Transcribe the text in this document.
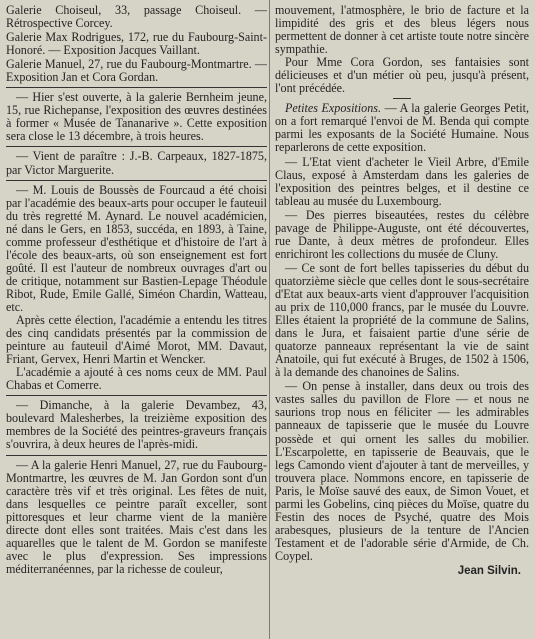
Galerie Choiseul, 33, passage Choiseul. — Rétrospective Corcey.

Galerie Max Rodrigues, 172, rue du Faubourg-Saint-Honoré. — Exposition Jacques Vaillant.

Galerie Manuel, 27, rue du Faubourg-Montmartre. — Exposition Jan et Cora Gordan.

— Hier s'est ouverte, à la galerie Bernheim jeune, 15, rue Richepanse, l'exposition des œuvres destinées à former « Musée de Tananarive ». Cette exposition sera close le 13 décembre, à trois heures.

— Vient de paraître : J.-B. Carpeaux, 1827-1875, par Victor Marguerite.

— M. Louis de Boussès de Fourcaud a été choisi par l'académie des beaux-arts pour occuper le fauteuil du très regretté M. Aynard. Le nouvel académicien, né dans le Gers, en 1853, succéda, en 1893, à Taine, comme professeur d'esthétique et d'histoire de l'art à l'école des beaux-arts, où son enseignement est fort goûté. Il est l'auteur de nombreux ouvrages d'art ou de critique, notamment sur Bastien-Lepage Théodule Ribot, Rude, Emile Gallé, Siméon Chardin, Watteau, etc.

Après cette élection, l'académie a entendu les titres des cinq candidats présentés par la commission de peinture au fauteuil d'Aimé Morot, MM. Davaut, Friant, Gervex, Henri Martin et Wencker.

L'académie a ajouté à ces noms ceux de MM. Paul Chabas et Comerre.

— Dimanche, à la galerie Devambez, 43, boulevard Malesherbes, la treizième exposition des membres de la Société des peintres-graveurs français s'ouvrira, à deux heures de l'après-midi.

— A la galerie Henri Manuel, 27, rue du Faubourg-Montmartre, les œuvres de M. Jan Gordon sont d'un caractère très vif et très original. Les fêtes de nuit, dans lesquelles ce peintre paraît exceller, sont pittoresques et leur charme vient de la manière directe dont elles sont traitées. Mais c'est dans les aquarelles que le talent de M. Gordon se manifeste avec le plus d'expression. Ses impressions méditerranéennes, par la richesse de couleur,

mouvement, l'atmosphère, le brio de facture et la limpidité des gris et des bleus légers nous permettent de donner à cet artiste toute notre sincère sympathie.

Pour Mme Cora Gordon, ses fantaisies sont délicieuses et d'un métier où peu, jusqu'à présent, l'ont précédée.

Petites Expositions. — A la galerie Georges Petit, on a fort remarqué l'envoi de M. Benda qui compte parmi les exposants de la Société Humaine. Nous reparlerons de cette exposition.

— L'Etat vient d'acheter le Vieil Arbre, d'Emile Claus, exposé à Amsterdam dans les galeries de l'exposition des peintres belges, et il destine ce tableau au musée du Luxembourg.

— Des pierres biseautées, restes du célèbre pavage de Philippe-Auguste, ont été découvertes, rue Dante, à deux mètres de profondeur. Elles enrichiront les collections du musée de Cluny.

— Ce sont de fort belles tapisseries du début du quatorzième siècle que celles dont le sous-secrétaire d'Etat aux beaux-arts vient d'approuver l'acquisition au prix de 110,000 francs, par le musée du Louvre. Elles étaient la propriété de la commune de Salins, dans le Jura, et faisaient partie d'une série de quatorze panneaux représentant la vie de saint Anatoile, qui fut exécuté à Bruges, de 1502 à 1506, à la demande des chanoines de Salins.

— On pense à installer, dans deux ou trois des vastes salles du pavillon de Flore — et nous ne saurions trop nous en féliciter — les admirables panneaux de tapisserie que le musée du Louvre possède et qui ornent les salles du mobilier. L'Escarpolette, en tapisserie de Beauvais, que le legs Camondo vient d'ajouter à tant de merveilles, y trouvera place. Nommons encore, en tapisserie de Paris, le Moïse sauvé des eaux, de Simon Vouet, et parmi les Gobelins, cinq pièces du Moïse, quatre du Festin des noces de Psyché, quatre des Mois arabesques, plusieurs de la tenture de l'Ancien Testament et de l'adorable série d'Armide, de Ch. Coypel.

Jean Silvin.
